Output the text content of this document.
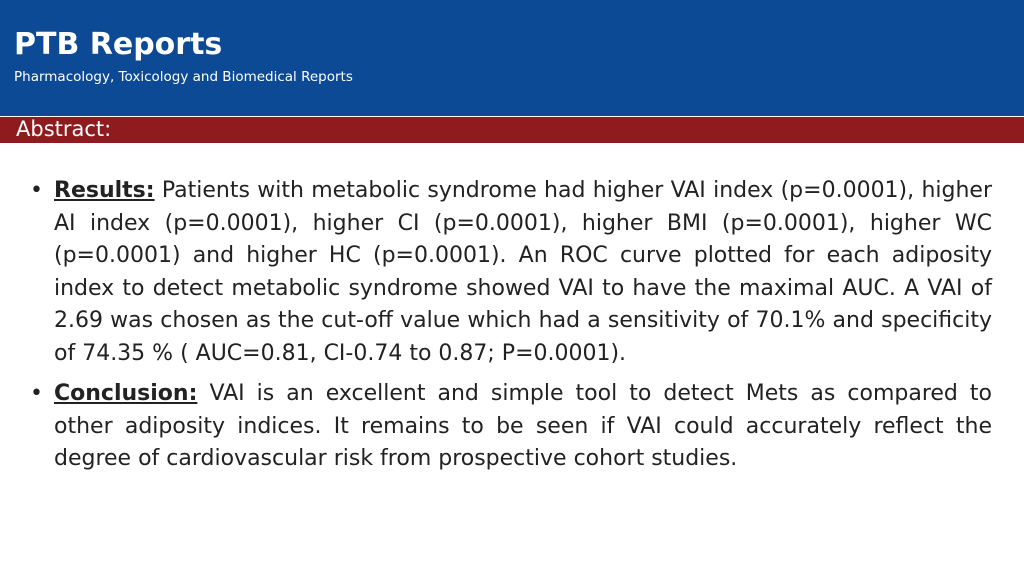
PTB Reports
Pharmacology, Toxicology and Biomedical Reports
Abstract:
• Results: Patients with metabolic syndrome had higher VAI index (p=0.0001), higher AI index (p=0.0001), higher CI (p=0.0001), higher BMI (p=0.0001), higher WC (p=0.0001) and higher HC (p=0.0001). An ROC curve plotted for each adiposity index to detect metabolic syndrome showed VAI to have the maximal AUC. A VAI of 2.69 was chosen as the cut-off value which had a sensitivity of 70.1% and specificity of 74.35 % ( AUC=0.81, CI-0.74 to 0.87; P=0.0001).
• Conclusion: VAI is an excellent and simple tool to detect Mets as compared to other adiposity indices. It remains to be seen if VAI could accurately reflect the degree of cardiovascular risk from prospective cohort studies.
